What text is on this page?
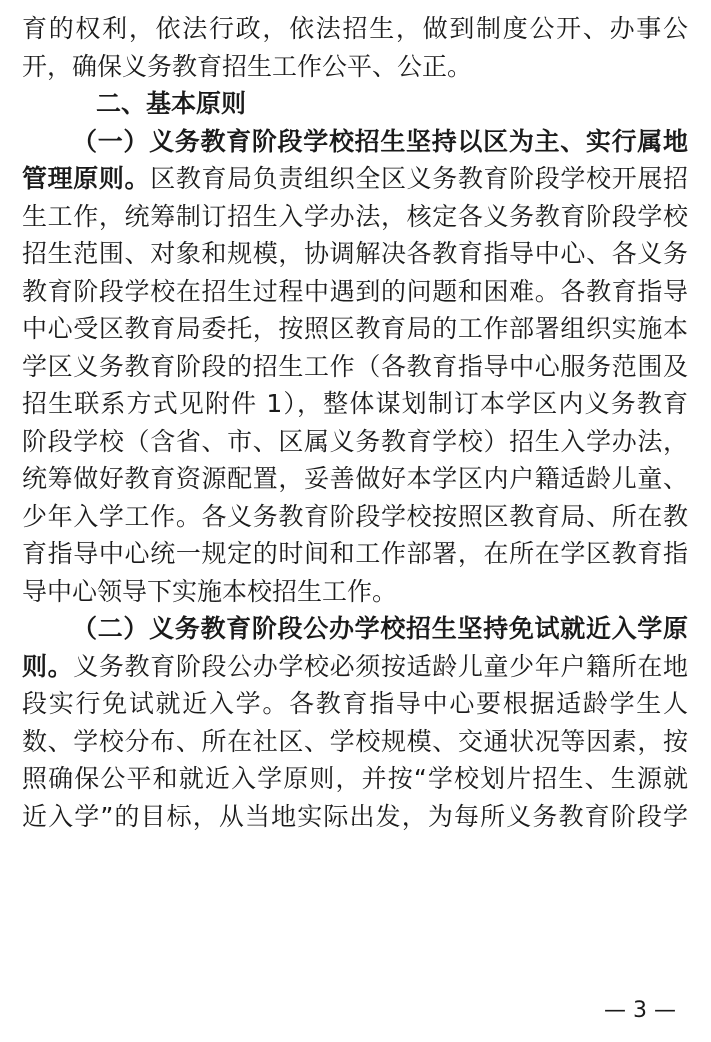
育的权利，依法行政，依法招生，做到制度公开、办事公
开，确保义务教育招生工作公平、公正。
二、基本原则
（一）义务教育阶段学校招生坚持以区为主、实行属地
管理原则。区教育局负责组织全区义务教育阶段学校开展招
生工作，统筹制订招生入学办法，核定各义务教育阶段学校
招生范围、对象和规模，协调解决各教育指导中心、各义务
教育阶段学校在招生过程中遇到的问题和困难。各教育指导
中心受区教育局委托，按照区教育局的工作部署组织实施本
学区义务教育阶段的招生工作（各教育指导中心服务范围及
招生联系方式见附件 1），整体谋划制订本学区内义务教育
阶段学校（含省、市、区属义务教育学校）招生入学办法，
统筹做好教育资源配置，妥善做好本学区内户籍适龄儿童、
少年入学工作。各义务教育阶段学校按照区教育局、所在教
育指导中心统一规定的时间和工作部署，在所在学区教育指
导中心领导下实施本校招生工作。
（二）义务教育阶段公办学校招生坚持免试就近入学原
则。义务教育阶段公办学校必须按适龄儿童少年户籍所在地
段实行免试就近入学。各教育指导中心要根据适龄学生人
数、学校分布、所在社区、学校规模、交通状况等因素，按
照确保公平和就近入学原则，并按“学校划片招生、生源就
近入学”的目标，从当地实际出发，为每所义务教育阶段学
— 3 —
